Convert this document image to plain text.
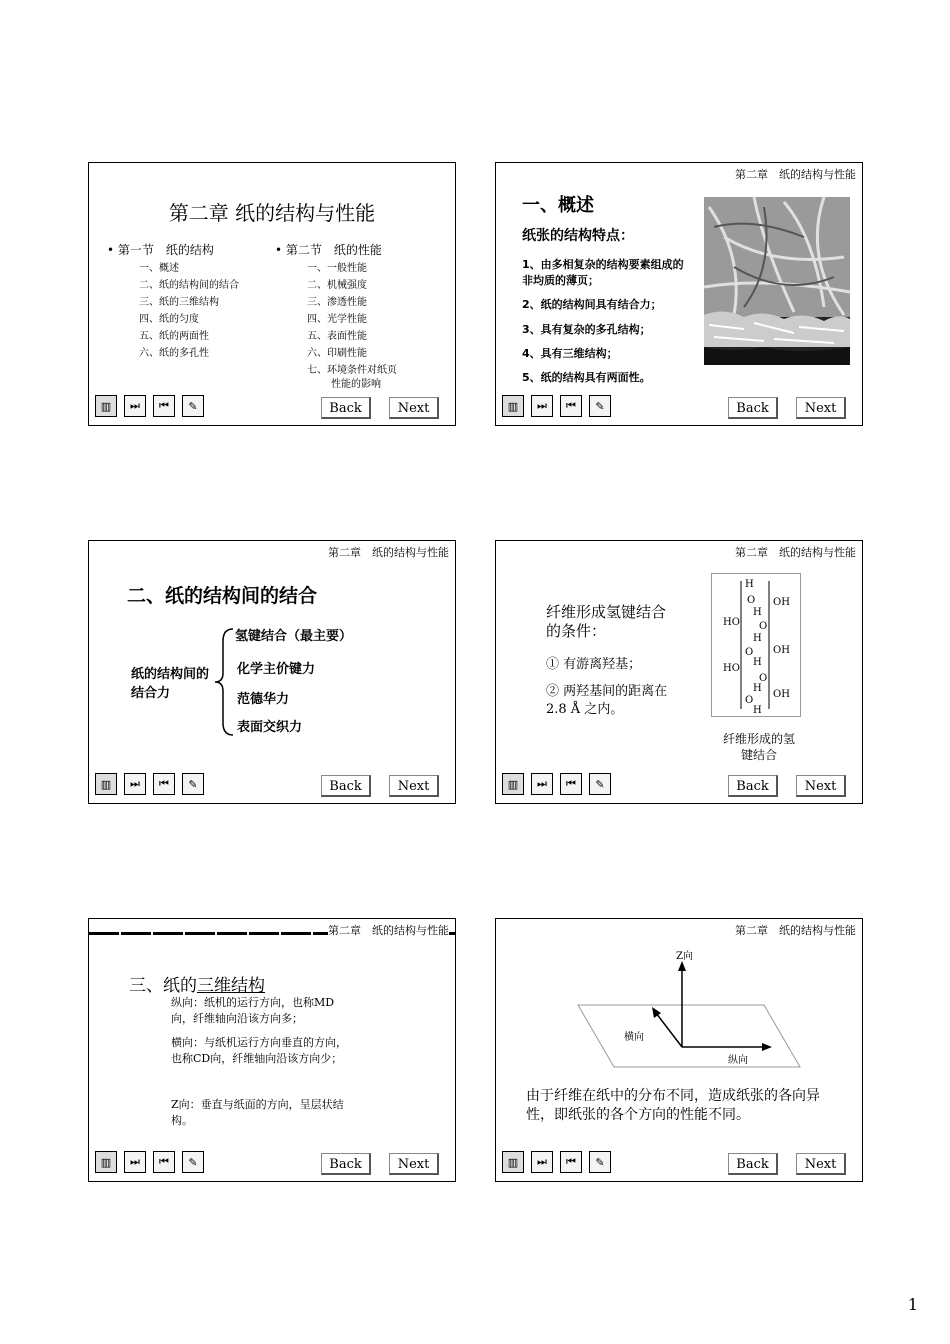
第二章 纸的结构与性能
• 第一节　纸的结构
一、概述
二、纸的结构间的结合
三、纸的三维结构
四、纸的匀度
五、纸的两面性
六、纸的多孔性
• 第二节　纸的性能
一、一般性能
二、机械强度
三、渗透性能
四、光学性能
五、表面性能
六、印刷性能
七、环境条件对纸页
性能的影响
▥	⏭	⏮	✎	Back	Next
第二章　纸的结构与性能
一、概述
纸张的结构特点：
1、由多相复杂的结构要素组成的非均质的薄页；
2、纸的结构间具有结合力；
3、具有复杂的多孔结构；
4、具有三维结构；
5、纸的结构具有两面性。
▥	⏭	⏮	✎	Back	Next
第二章　纸的结构与性能
二、纸的结构间的结合
纸的结构间的结合力
氢键结合（最主要）
化学主价键力
范德华力
表面交织力
▥	⏭	⏮	✎	Back	Next
第二章　纸的结构与性能
纤维形成氢键结合的条件：
① 有游离羟基；
② 两羟基间的距离在 2.8 Å 之内。
H
O OH
H
HO O
H
O OH
H
HO
O
H
O
OH
H
纤维形成的氢键结合
▥	⏭	⏮	✎	Back	Next
第二章　纸的结构与性能
三、纸的三维结构
纵向：纸机的运行方向，也称MD向，纤维轴向沿该方向多；
横向：与纸机运行方向垂直的方向，也称CD向，纤维轴向沿该方向少；
Z向：垂直与纸面的方向，呈层状结构。
▥	⏭	⏮	✎	Back	Next
第二章　纸的结构与性能
Z向
横向
纵向
由于纤维在纸中的分布不同，造成纸张的各向异性，即纸张的各个方向的性能不同。
▥	⏭	⏮	✎	Back	Next
1
